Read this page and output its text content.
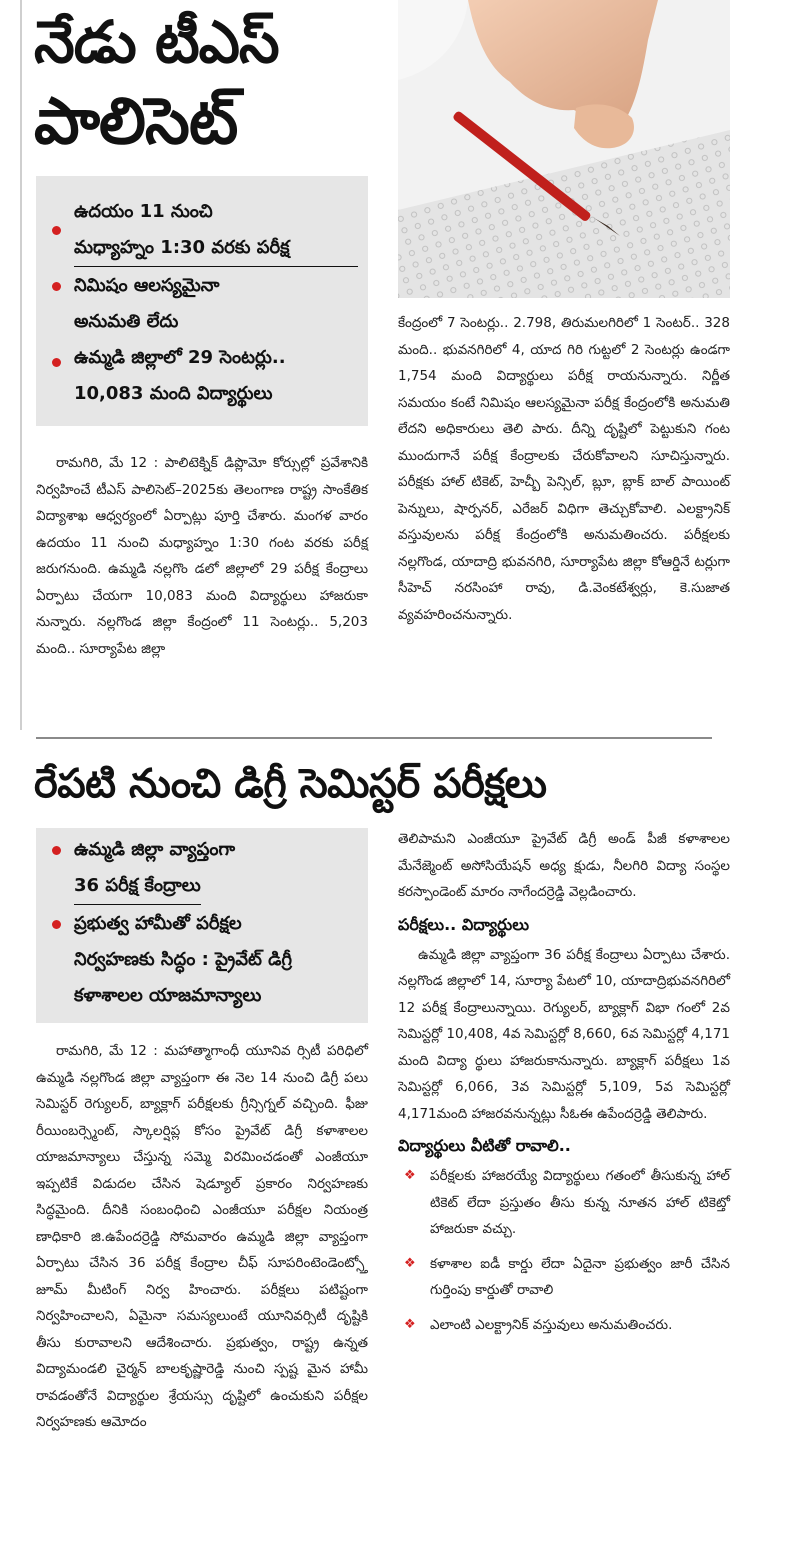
నేడు టీఎస్
పాలిసెట్
ఉదయం 11 నుంచి
మధ్యాహ్నం 1:30 వరకు పరీక్ష
నిమిషం ఆలస్యమైనా
అనుమతి లేదు
ఉమ్మడి జిల్లాలో 29 సెంటర్లు..
10,083 మంది విద్యార్థులు

రామగిరి, మే 12 : పాలిటెక్నిక్ డిప్లొమో కోర్సుల్లో ప్రవేశానికి నిర్వహించే టీఎస్ పాలిసెట్–2025కు తెలంగాణ రాష్ట్ర సాంకేతిక విద్యాశాఖ ఆధ్వర్యంలో ఏర్పాట్లు పూర్తి చేశారు. మంగళ వారం ఉదయం 11 నుంచి మధ్యాహ్నం 1:30 గంట వరకు పరీక్ష జరుగనుంది. ఉమ్మడి నల్లగొం డలో జిల్లాలో 29 పరీక్ష కేంద్రాలు ఏర్పాటు చేయగా 10,083 మంది విద్యార్థులు హాజరుకా నున్నారు. నల్లగొండ జిల్లా కేంద్రంలో 11 సెంటర్లు.. 5,203 మంది.. సూర్యాపేట జిల్లా

కేంద్రంలో 7 సెంటర్లు.. 2.798, తిరుమలగిరిలో 1 సెంటర్.. 328 మంది.. భువనగిరిలో 4, యాద గిరి గుట్టలో 2 సెంటర్లు ఉండగా 1,754 మంది విద్యార్థులు పరీక్ష రాయనున్నారు. నిర్ణీత సమయం కంటే నిమిషం ఆలస్యమైనా పరీక్ష కేంద్రంలోకి అనుమతి లేదని అధికారులు తెలి పారు. దీన్ని దృష్టిలో పెట్టుకుని గంట ముందుగానే పరీక్ష కేంద్రాలకు చేరుకోవాలని సూచిస్తున్నారు. పరీక్షకు హాల్ టికెట్, హెచ్బీ పెన్సిల్, బ్లూ, బ్లాక్ బాల్ పాయింట్ పెన్నులు, షార్పనర్, ఎరేజర్ విధిగా తెచ్చుకోవాలి. ఎలక్ట్రానిక్ వస్తువులను పరీక్ష కేంద్రంలోకి అనుమతించరు. పరీక్షలకు నల్లగొండ, యాదాద్రి భువనగిరి, సూర్యాపేట జిల్లా కోఆర్డినే టర్లుగా సీహెచ్ నరసింహా రావు, డి.వెంకటేశ్వర్లు, కె.సుజాత వ్యవహరించనున్నారు.

రేపటి నుంచి డిగ్రీ సెమిస్టర్ పరీక్షలు
ఉమ్మడి జిల్లా వ్యాప్తంగా
36 పరీక్ష కేంద్రాలు
ప్రభుత్వ హామీతో పరీక్షల
నిర్వహణకు సిద్ధం : ప్రైవేట్ డిగ్రీ
కళాశాలల యాజమాన్యాలు

రామగిరి, మే 12 : మహాత్మాగాంధీ యూనివ ర్సిటీ పరిధిలో ఉమ్మడి నల్లగొండ జిల్లా వ్యాప్తంగా ఈ నెల 14 నుంచి డిగ్రీ పలు సెమిస్టర్ రెగ్యులర్, బ్యాక్లాగ్ పరీక్షలకు గ్రీన్సిగ్నల్ వచ్చింది. ఫీజు రీయింబర్స్మెంట్, స్కాలర్షిప్ల కోసం ప్రైవేట్ డిగ్రీ కళాశాలల యాజమాన్యాలు చేస్తున్న సమ్మె విరమించడంతో ఎంజీయూ ఇప్పటికే విడుదల చేసిన షెడ్యూల్ ప్రకారం నిర్వహణకు సిద్ధమైంది. దీనికి సంబంధించి ఎంజీయూ పరీక్షల నియంత్ర ణాధికారి జి.ఉపేందర్రెడ్డి సోమవారం ఉమ్మడి జిల్లా వ్యాప్తంగా ఏర్పాటు చేసిన 36 పరీక్ష కేంద్రాల చీఫ్ సూపరింటెండెంట్స్తో జూమ్ మీటింగ్ నిర్వ హించారు. పరీక్షలు పటిష్టంగా నిర్వహించాలని, ఏమైనా సమస్యలుంటే యూనివర్సిటీ దృష్టికి తీసు కురావాలని ఆదేశించారు. ప్రభుత్వం, రాష్ట్ర ఉన్నత విద్యామండలి చైర్మన్ బాలకృష్ణారెడ్డి నుంచి స్పష్ట మైన హామీ రావడంతోనే విద్యార్థుల శ్రేయస్సు దృష్టిలో ఉంచుకుని పరీక్షల నిర్వహణకు ఆమోదం

తెలిపామని ఎంజీయూ ప్రైవేట్ డిగ్రీ అండ్ పీజీ కళాశాలల మేనేజ్మెంట్ అసోసియేషన్ అధ్య క్షుడు, నీలగిరి విద్యా సంస్థల కరస్పాండెంట్ మారం నాగేందర్రెడ్డి వెల్లడించారు.

పరీక్షలు.. విద్యార్థులు

ఉమ్మడి జిల్లా వ్యాప్తంగా 36 పరీక్ష కేంద్రాలు ఏర్పాటు చేశారు. నల్లగొండ జిల్లాలో 14, సూర్యా పేటలో 10, యాదాద్రిభువనగిరిలో 12 పరీక్ష కేంద్రాలున్నాయి. రెగ్యులర్, బ్యాక్లాగ్ విభా గంలో 2వ సెమిస్టర్లో 10,408, 4వ సెమిస్టర్లో 8,660, 6వ సెమిస్టర్లో 4,171 మంది విద్యా ర్థులు హాజరుకానున్నారు. బ్యాక్లాగ్ పరీక్షలు 1వ సెమిస్టర్లో 6,066, 3వ సెమిస్టర్లో 5,109, 5వ సెమిస్టర్లో 4,171మంది హాజరవనున్నట్లు సీఓఈ ఉపేందర్రెడ్డి తెలిపారు.

విద్యార్థులు వీటితో రావాలి..
❖ పరీక్షలకు హాజరయ్యే విద్యార్థులు గతంలో తీసుకున్న హాల్ టికెట్ లేదా ప్రస్తుతం తీసు కున్న నూతన హాల్ టికెట్తో హాజరుకా వచ్చు.
❖ కళాశాల ఐడీ కార్డు లేదా ఏదైనా ప్రభుత్వం జారీ చేసిన గుర్తింపు కార్డుతో రావాలి
❖ ఎలాంటి ఎలక్ట్రానిక్ వస్తువులు అనుమతించరు.
